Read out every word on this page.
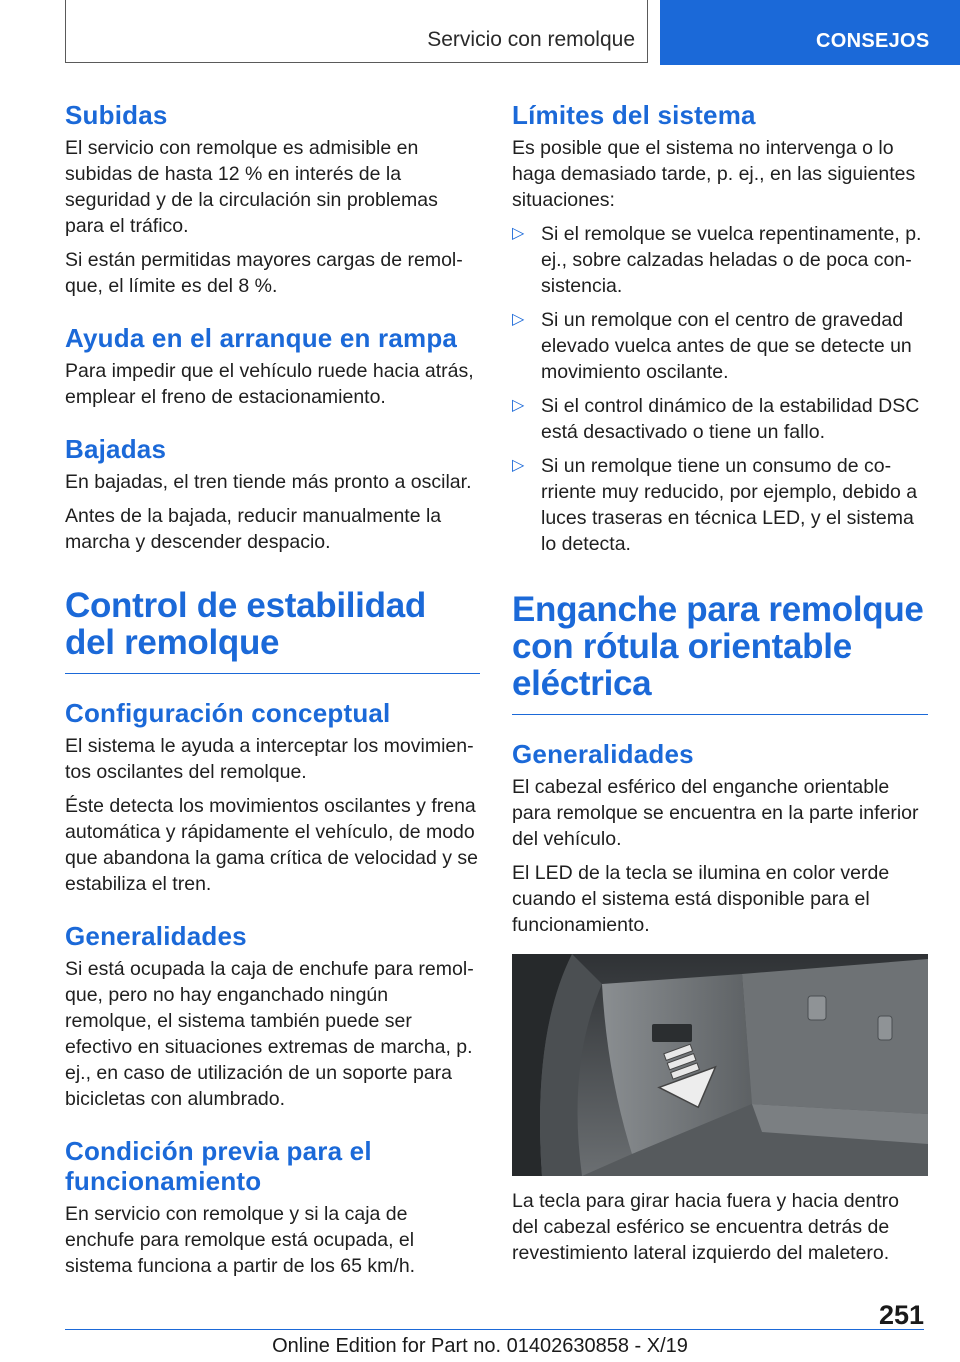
Servicio con remolque	CONSEJOS
Subidas

El servicio con remolque es admisible en subidas de hasta 12 % en interés de la seguridad y de la circulación sin problemas para el tráfico.

Si están permitidas mayores cargas de remolque, el límite es del 8 %.

Ayuda en el arranque en rampa

Para impedir que el vehículo ruede hacia atrás, emplear el freno de estacionamiento.

Bajadas

En bajadas, el tren tiende más pronto a oscilar.

Antes de la bajada, reducir manualmente la marcha y descender despacio.

Control de estabilidad del remolque
Configuración conceptual

El sistema le ayuda a interceptar los movimientos oscilantes del remolque.

Éste detecta los movimientos oscilantes y frena automática y rápidamente el vehículo, de modo que abandona la gama crítica de velocidad y se estabiliza el tren.

Generalidades

Si está ocupada la caja de enchufe para remolque, pero no hay enganchado ningún remolque, el sistema también puede ser efectivo en situaciones extremas de marcha, p. ej., en caso de utilización de un soporte para bicicletas con alumbrado.

Condición previa para el funcionamiento

En servicio con remolque y si la caja de enchufe para remolque está ocupada, el sistema funciona a partir de los 65 km/h.

Límites del sistema

Es posible que el sistema no intervenga o lo haga demasiado tarde, p. ej., en las siguientes situaciones:

▷ Si el remolque se vuelca repentinamente, p. ej., sobre calzadas heladas o de poca consistencia.
▷ Si un remolque con el centro de gravedad elevado vuelca antes de que se detecte un movimiento oscilante.
▷ Si el control dinámico de la estabilidad DSC está desactivado o tiene un fallo.
▷ Si un remolque tiene un consumo de corriente muy reducido, por ejemplo, debido a luces traseras en técnica LED, y el sistema lo detecta.
Enganche para remolque con rótula orientable eléctrica
Generalidades

El cabezal esférico del enganche orientable para remolque se encuentra en la parte inferior del vehículo.

El LED de la tecla se ilumina en color verde cuando el sistema está disponible para el funcionamiento.

La tecla para girar hacia fuera y hacia dentro del cabezal esférico se encuentra detrás de revestimiento lateral izquierdo del maletero.

251
Online Edition for Part no. 01402630858 - X/19
